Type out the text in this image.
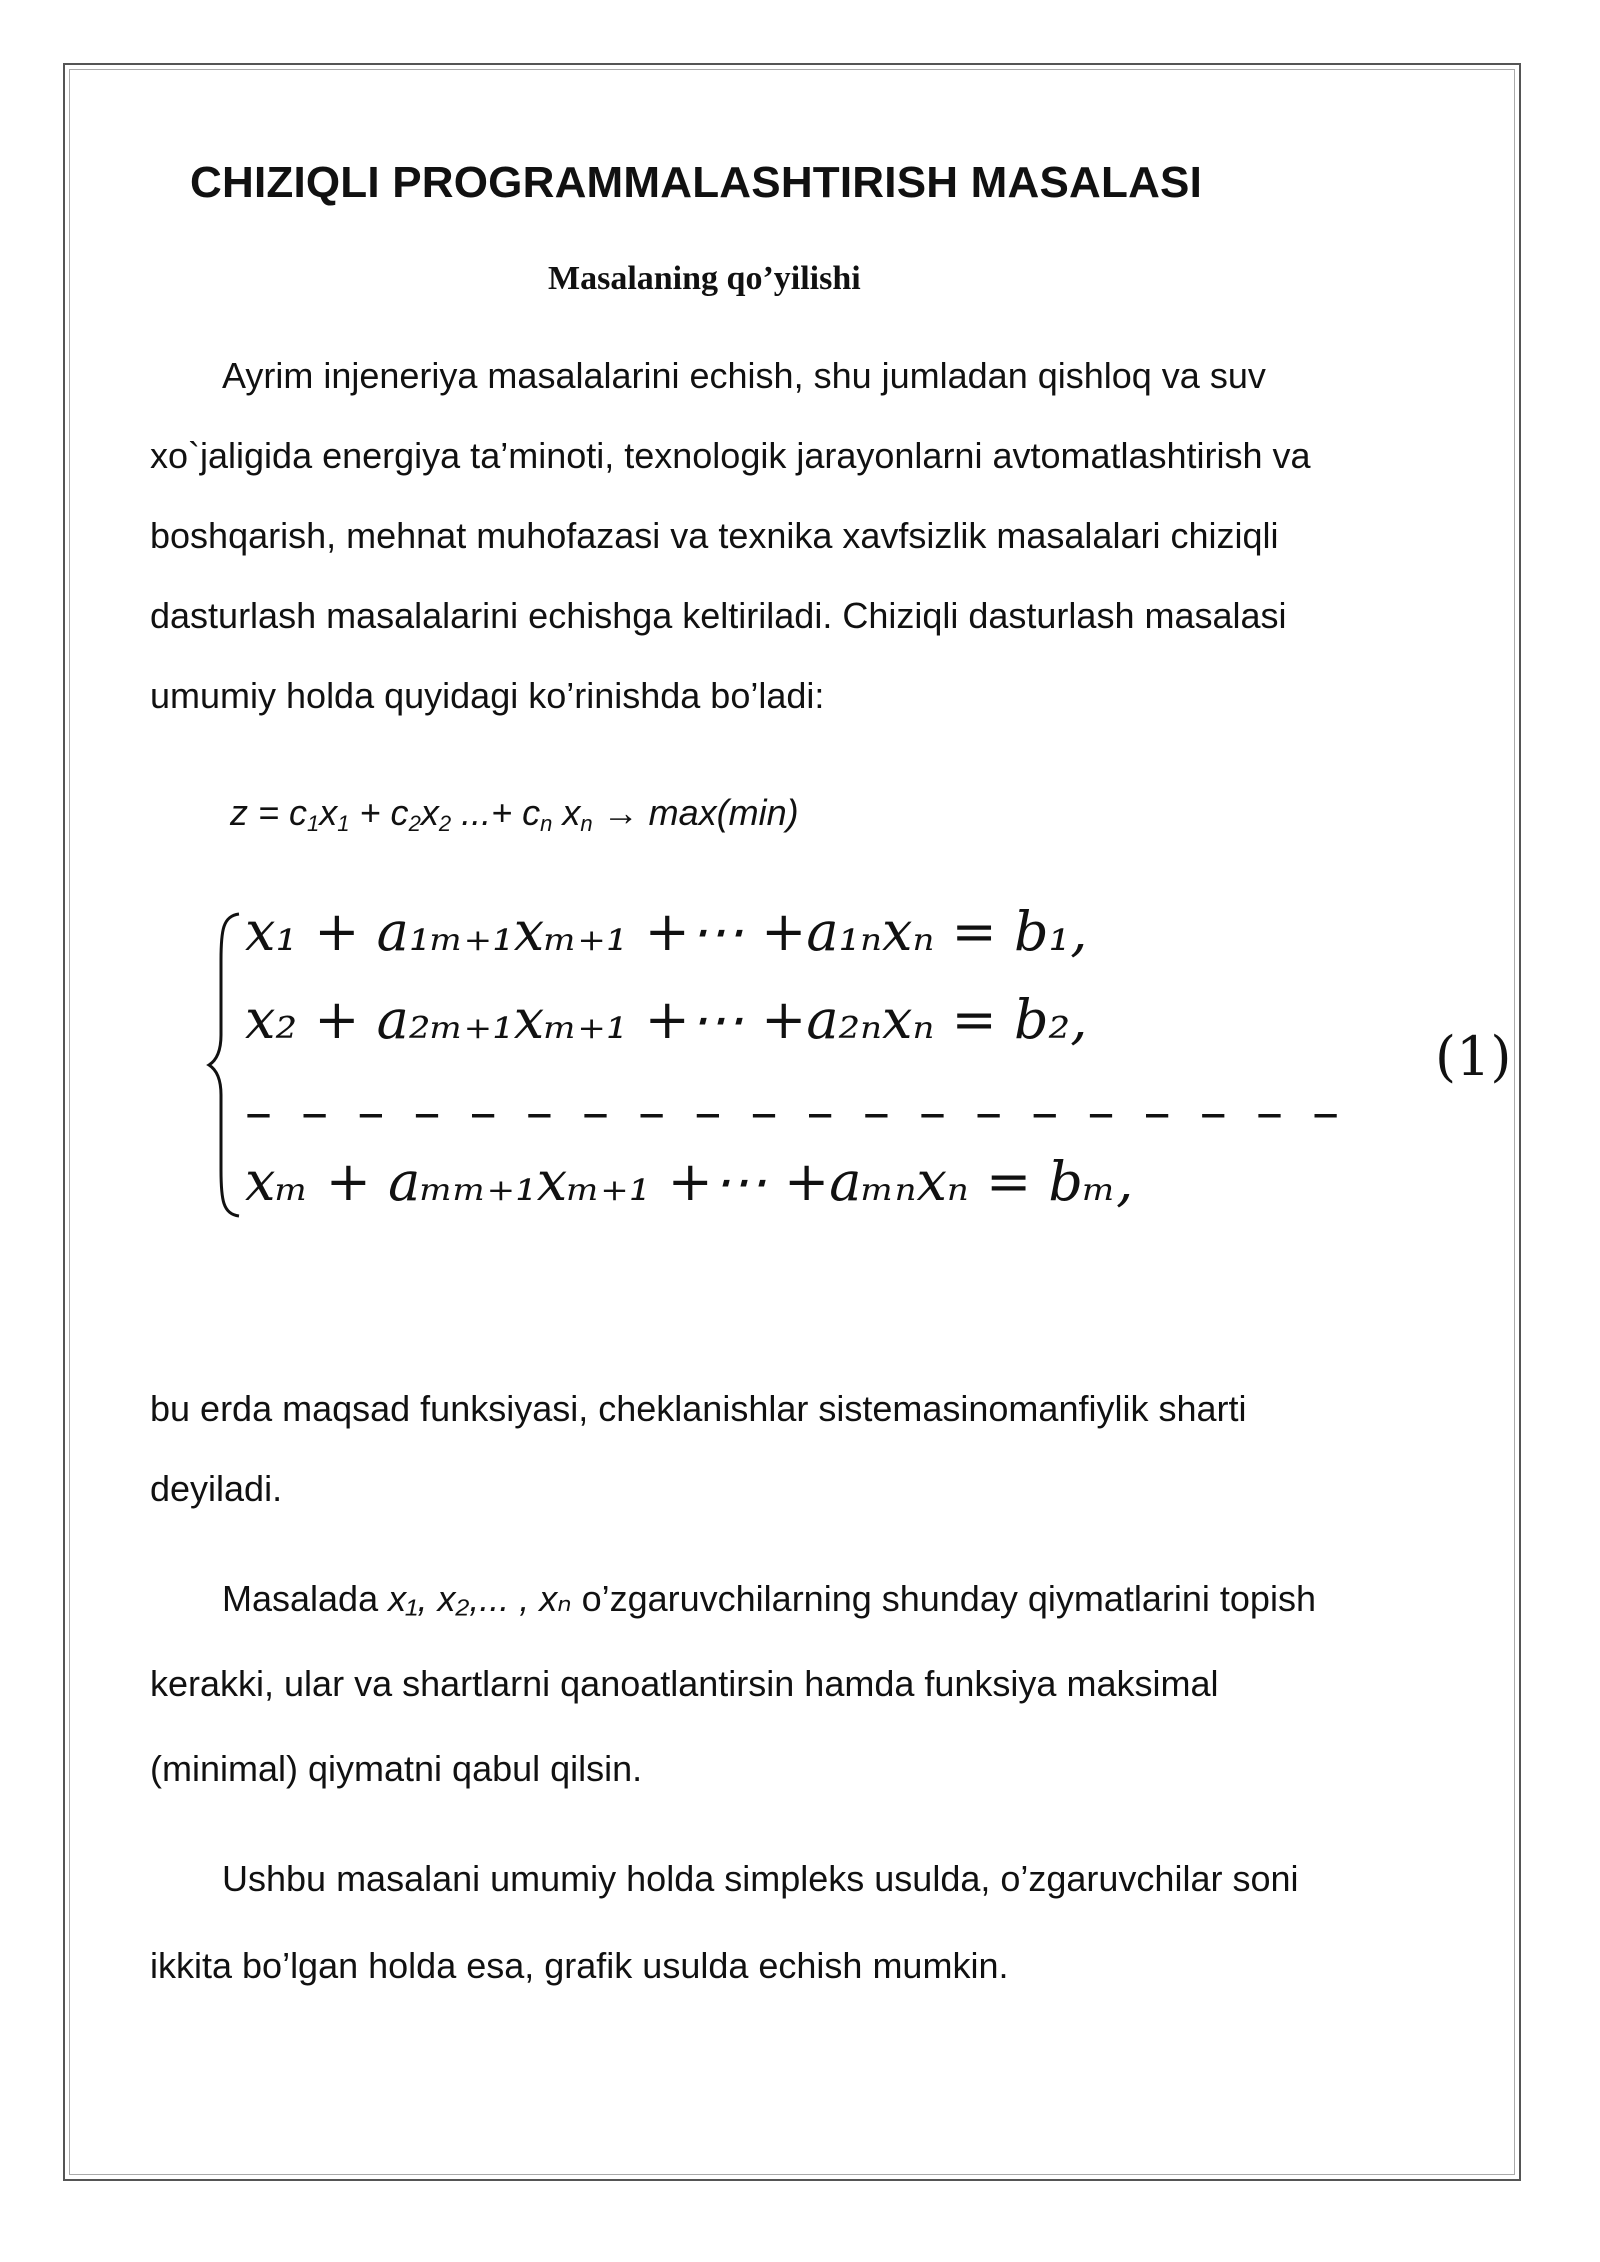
CHIZIQLI PROGRAMMALASHTIRISH MASALASI
Masalaning qo’yilishi
Ayrim injeneriya masalalarini echish, shu jumladan qishloq va suv
xo`jaligida energiya ta’minoti, texnologik jarayonlarni avtomatlashtirish va
boshqarish, mehnat muhofazasi va texnika xavfsizlik masalalari chiziqli
dasturlash masalalarini echishga keltiriladi. Chiziqli dasturlash masalasi
umumiy holda quyidagi ko’rinishda bo’ladi:
$z = c_1x_1 + c_2x_2$ ...+ $c_n$ $x_n \to \max(\min)$
x₁ + a₁ₘ₊₁xₘ₊₁ +⋯ +a₁ₙxₙ = b₁,
x₂ + a₂ₘ₊₁xₘ₊₁ +⋯ +a₂ₙxₙ = b₂,
– – – – – – – – – – – – – – – – – – – –
xₘ + aₘₘ₊₁xₘ₊₁ +⋯ +aₘₙxₙ = bₘ,
(1)
bu erda maqsad funksiyasi, cheklanishlar sistemasinomanfiylik sharti
deyiladi.
Masalada x₁, x₂,... , xₙ o’zgaruvchilarning shunday qiymatlarini topish
kerakki, ular va shartlarni qanoatlantirsin hamda funksiya maksimal
(minimal) qiymatni qabul qilsin.
Ushbu masalani umumiy holda simpleks usulda, o’zgaruvchilar soni
ikkita bo’lgan holda esa, grafik usulda echish mumkin.
